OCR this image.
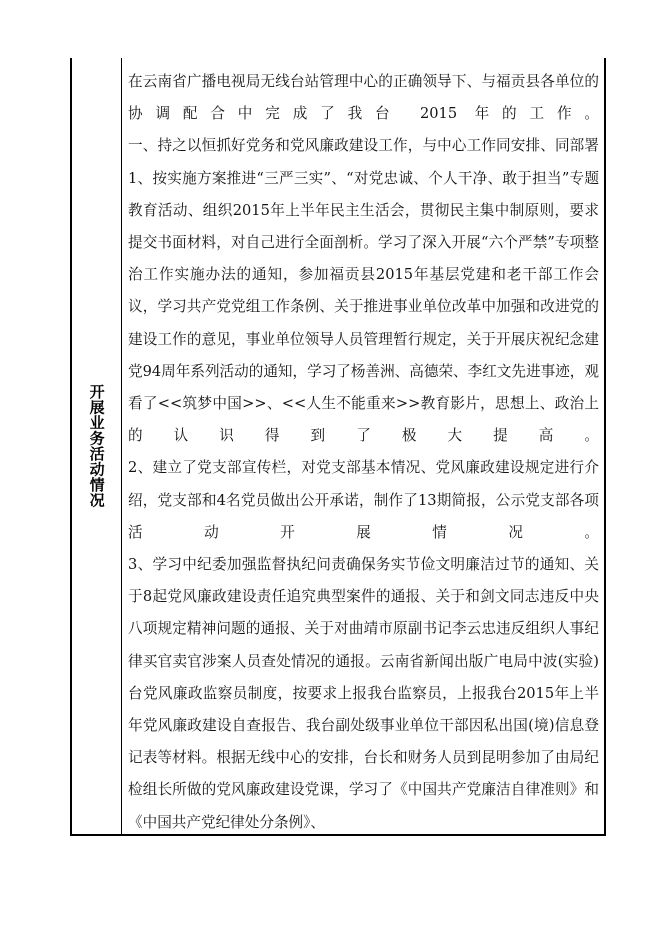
开展业务活动情况

在云南省广播电视局无线台站管理中心的正确领导下、与福贡县各单位的协调配合中完成了我台 2015 年的工作。

一、持之以恒抓好党务和党风廉政建设工作，与中心工作同安排、同部署

1、按实施方案推进“三严三实”、“对党忠诚、个人干净、敢于担当”专题教育活动、组织2015年上半年民主生活会，贯彻民主集中制原则，要求提交书面材料，对自己进行全面剖析。学习了深入开展“六个严禁”专项整治工作实施办法的通知，参加福贡县2015年基层党建和老干部工作会议，学习共产党党组工作条例、关于推进事业单位改革中加强和改进党的建设工作的意见，事业单位领导人员管理暂行规定，关于开展庆祝纪念建党94周年系列活动的通知，学习了杨善洲、高德荣、李红文先进事迹，观看了<<筑梦中国>>、<<人生不能重来>>教育影片，思想上、政治上的认识得到了极大提高。

2、建立了党支部宣传栏，对党支部基本情况、党风廉政建设规定进行介绍，党支部和4名党员做出公开承诺，制作了13期简报，公示党支部各项活动开展情况。

3、学习中纪委加强监督执纪问责确保务实节俭文明廉洁过节的通知、关于8起党风廉政建设责任追究典型案件的通报、关于和剑文同志违反中央八项规定精神问题的通报、关于对曲靖市原副书记李云忠违反组织人事纪律买官卖官涉案人员查处情况的通报。云南省新闻出版广电局中波(实验)台党风廉政监察员制度，按要求上报我台监察员，上报我台2015年上半年党风廉政建设自查报告、我台副处级事业单位干部因私出国(境)信息登记表等材料。根据无线中心的安排，台长和财务人员到昆明参加了由局纪检组长所做的党风廉政建设党课，学习了《中国共产党廉洁自律准则》和《中国共产党纪律处分条例》、
